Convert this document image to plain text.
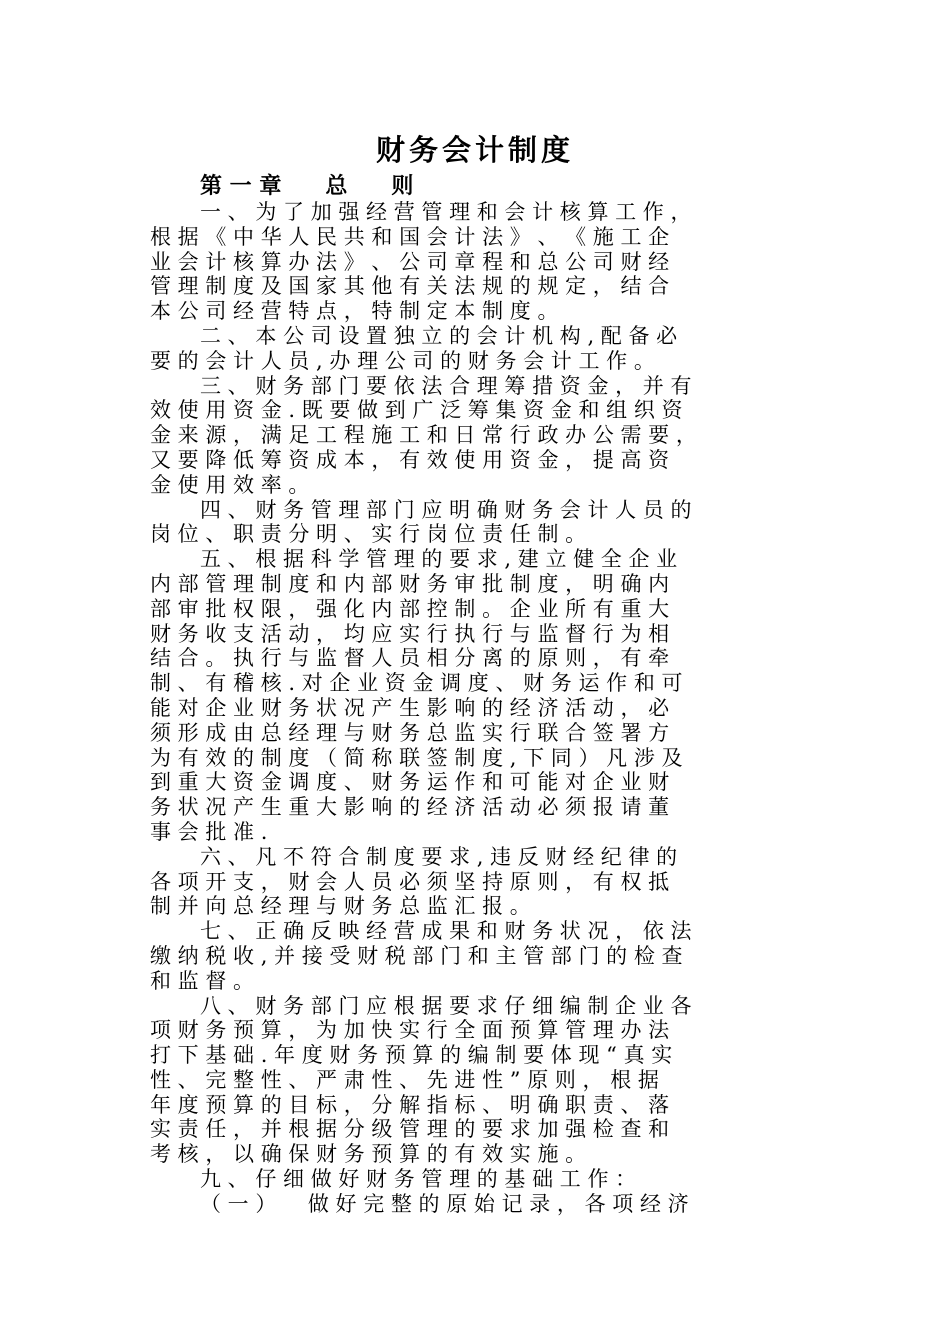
财务会计制度
第 一 章　　总　　则
一 、 为 了 加 强 经 营 管 理 和 会 计 核 算 工 作 ，
根 据 《 中 华 人 民 共 和 国 会 计 法 》 、 《 施 工 企
业 会 计 核 算 办 法 》 、 公 司 章 程 和 总 公 司 财 经
管 理 制 度 及 国 家 其 他 有 关 法 规 的 规 定 ， 结 合
本 公 司 经 营 特 点 ， 特 制 定 本 制 度 。
二 、 本 公 司 设 置 独 立 的 会 计 机 构 , 配 备 必
要 的 会 计 人 员 , 办 理 公 司 的 财 务 会 计 工 作 。
三 、 财 务 部 门 要 依 法 合 理 筹 措 资 金 ， 并 有
效 使 用 资 金 . 既 要 做 到 广 泛 筹 集 资 金 和 组 织 资
金 来 源 ， 满 足 工 程 施 工 和 日 常 行 政 办 公 需 要 ，
又 要 降 低 筹 资 成 本 ， 有 效 使 用 资 金 ， 提 高 资
金 使 用 效 率 。
四 、 财 务 管 理 部 门 应 明 确 财 务 会 计 人 员 的
岗 位 、 职 责 分 明 、 实 行 岗 位 责 任 制 。
五 、 根 据 科 学 管 理 的 要 求 , 建 立 健 全 企 业
内 部 管 理 制 度 和 内 部 财 务 审 批 制 度 ， 明 确 内
部 审 批 权 限 ， 强 化 内 部 控 制 。 企 业 所 有 重 大
财 务 收 支 活 动 ， 均 应 实 行 执 行 与 监 督 行 为 相
结 合 。 执 行 与 监 督 人 员 相 分 离 的 原 则 ， 有 牵
制 、 有 稽 核 . 对 企 业 资 金 调 度 、 财 务 运 作 和 可
能 对 企 业 财 务 状 况 产 生 影 响 的 经 济 活 动 ， 必
须 形 成 由 总 经 理 与 财 务 总 监 实 行 联 合 签 署 方
为 有 效 的 制 度 （ 简 称 联 签 制 度 , 下 同 ） 凡 涉 及
到 重 大 资 金 调 度 、 财 务 运 作 和 可 能 对 企 业 财
务 状 况 产 生 重 大 影 响 的 经 济 活 动 必 须 报 请 董
事 会 批 准 .
六 、 凡 不 符 合 制 度 要 求 , 违 反 财 经 纪 律 的
各 项 开 支 ， 财 会 人 员 必 须 坚 持 原 则 ， 有 权 抵
制 并 向 总 经 理 与 财 务 总 监 汇 报 。
七 、 正 确 反 映 经 营 成 果 和 财 务 状 况 ， 依 法
缴 纳 税 收 , 并 接 受 财 税 部 门 和 主 管 部 门 的 检 查
和 监 督 。
八 、 财 务 部 门 应 根 据 要 求 仔 细 编 制 企 业 各
项 财 务 预 算 ， 为 加 快 实 行 全 面 预 算 管 理 办 法
打 下 基 础 . 年 度 财 务 预 算 的 编 制 要 体 现 “ 真 实
性 、 完 整 性 、 严 肃 性 、 先 进 性 ” 原 则 ， 根 据
年 度 预 算 的 目 标 ， 分 解 指 标 、 明 确 职 责 、 落
实 责 任 ， 并 根 据 分 级 管 理 的 要 求 加 强 检 查 和
考 核 ， 以 确 保 财 务 预 算 的 有 效 实 施 。
九 、 仔 细 做 好 财 务 管 理 的 基 础 工 作 ：
（ 一 ）　　做 好 完 整 的 原 始 记 录 ， 各 项 经 济
